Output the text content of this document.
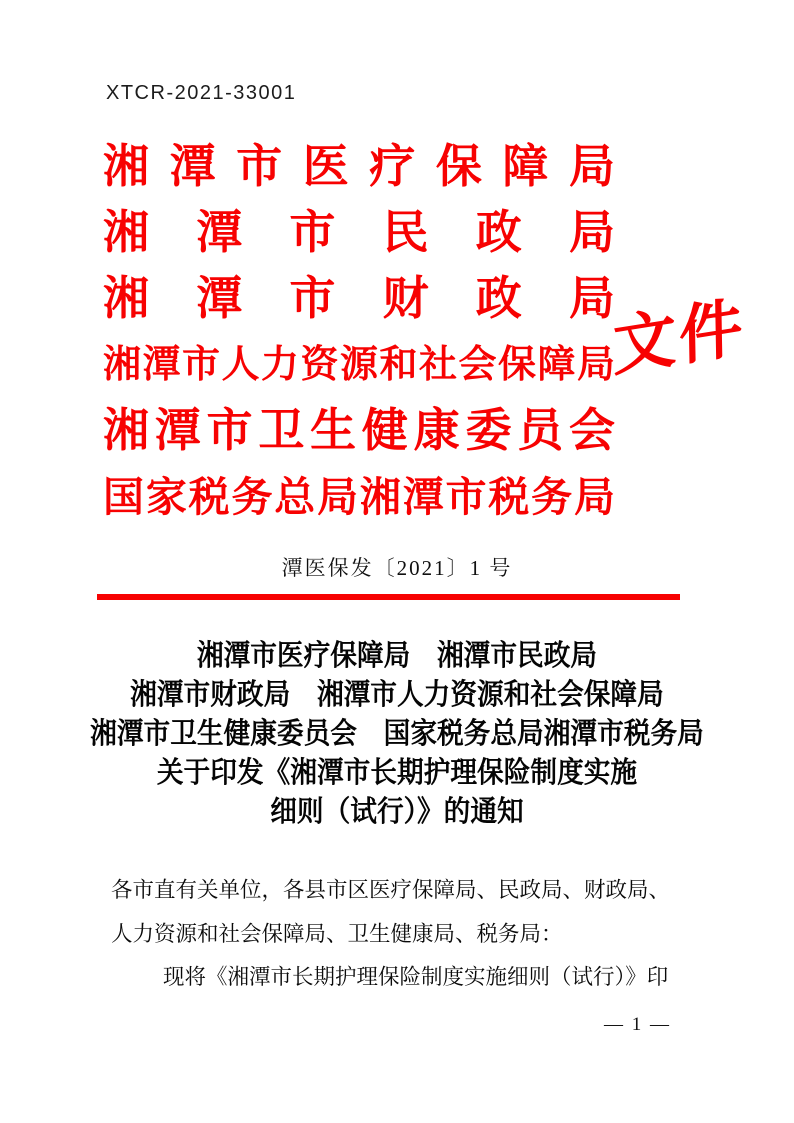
XTCR-2021-33001
湘潭市医疗保障局
湘潭市民政局
湘潭市财政局
湘潭市人力资源和社会保障局
湘潭市卫生健康委员会
国家税务总局湘潭市税务局
文件
潭医保发〔2021〕1 号
湘潭市医疗保障局　湘潭市民政局
湘潭市财政局　湘潭市人力资源和社会保障局
湘潭市卫生健康委员会　国家税务总局湘潭市税务局
关于印发《湘潭市长期护理保险制度实施
细则（试行）》的通知
各市直有关单位，各县市区医疗保障局、民政局、财政局、
人力资源和社会保障局、卫生健康局、税务局：
现将《湘潭市长期护理保险制度实施细则（试行）》印
— 1 —
